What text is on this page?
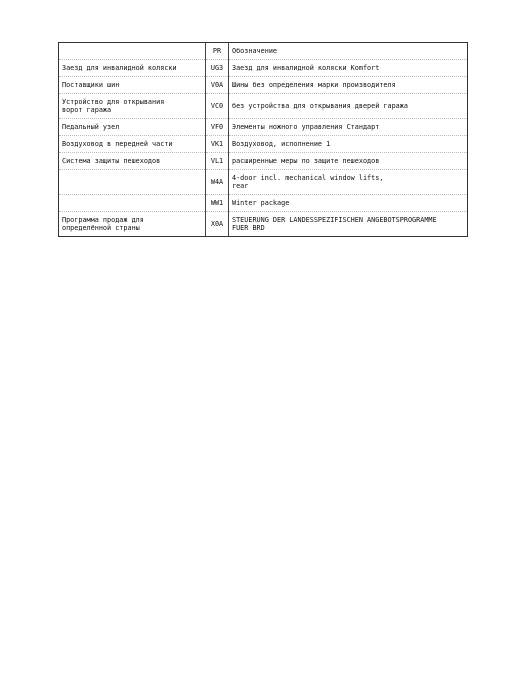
	PR	Обозначение

Заезд для инвалидной коляски	UG3	Заезд для инвалидной коляски Komfort

Поставщики шин	V0A	Шины без определения марки производителя

Устройство для открывания
ворот гаража	VC0	без устройства для открывания дверей гаража

Педальный узел	VF0	Элементы ножного управления Стандарт

Воздуховод в передней части	VK1	Воздуховод, исполнение 1

Система защиты пешеходов	VL1	расширенные меры по защите пешеходов

	W4A	4-door incl. mechanical window lifts,
rear

	WW1	Winter package

Программа продаж для
определённой страны	X0A	STEUERUNG DER LANDESSPEZIFISCHEN ANGEBOTSPROGRAMME
FUER BRD
